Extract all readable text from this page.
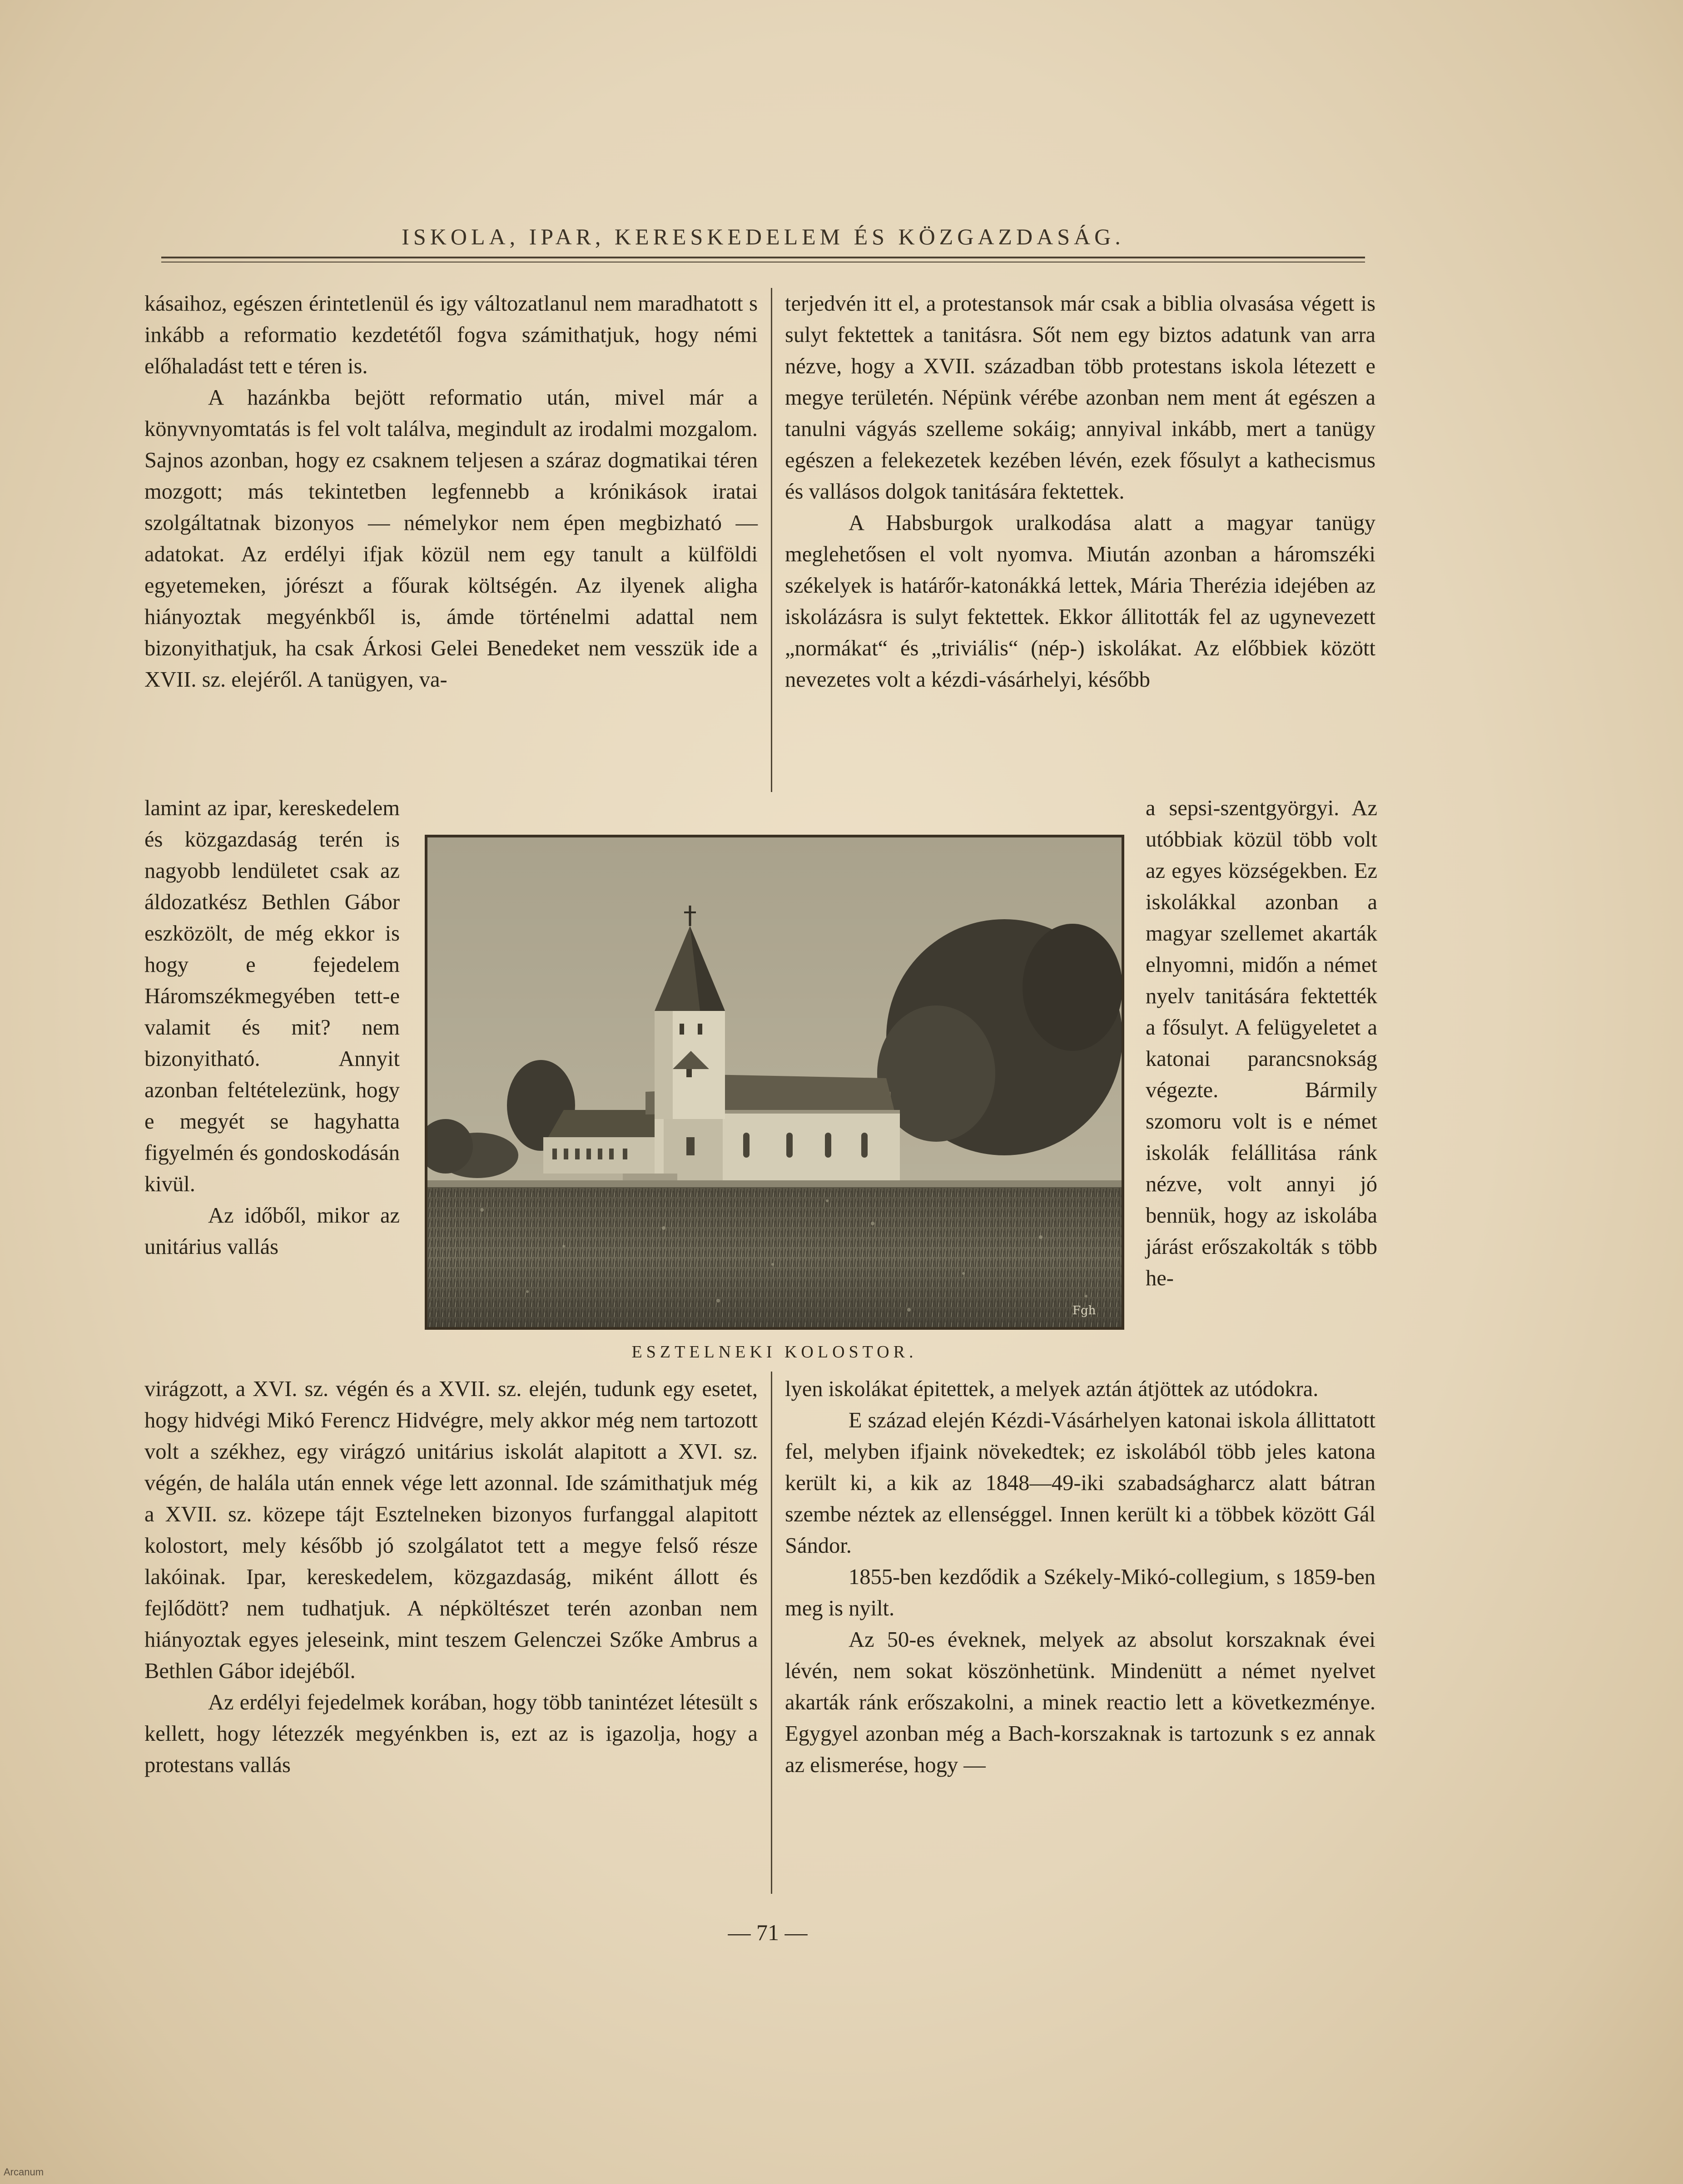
ISKOLA, IPAR, KERESKEDELEM ÉS KÖZGAZDASÁG.

kásaihoz, egészen érintetlenül és igy változatlanul nem maradhatott s inkább a reformatio kezdetétől fogva számithatjuk, hogy némi előhaladást tett e téren is.

A hazánkba bejött reformatio után, mivel már a könyvnyomtatás is fel volt találva, megindult az irodalmi mozgalom. Sajnos azonban, hogy ez csaknem teljesen a száraz dogmatikai téren mozgott; más tekintetben legfennebb a krónikások iratai szolgáltatnak bizonyos — némelykor nem épen megbizható — adatokat. Az erdélyi ifjak közül nem egy tanult a külföldi egyetemeken, jórészt a főurak költségén. Az ilyenek aligha hiányoztak megyénkből is, ámde történelmi adattal nem bizonyithatjuk, ha csak Árkosi Gelei Benedeket nem vesszük ide a XVII. sz. elejéről. A tanügyen, va-

lamint az ipar, kereskedelem és közgazdaság terén is nagyobb lendületet csak az áldozatkész Bethlen Gábor eszközölt, de még ekkor is hogy e fejedelem Háromszékmegyében tett-e valamit és mit? nem bizonyitható. Annyit azonban feltételezünk, hogy e megyét se hagyhatta figyelmén és gondoskodásán kivül.

Az időből, mikor az unitárius vallás

virágzott, a XVI. sz. végén és a XVII. sz. elején, tudunk egy esetet, hogy hidvégi Mikó Ferencz Hidvégre, mely akkor még nem tartozott volt a székhez, egy virágzó unitárius iskolát alapitott a XVI. sz. végén, de halála után ennek vége lett azonnal. Ide számithatjuk még a XVII. sz. közepe tájt Esztelneken bizonyos furfanggal alapitott kolostort, mely később jó szolgálatot tett a megye felső része lakóinak. Ipar, kereskedelem, közgazdaság, miként állott és fejlődött? nem tudhatjuk. A népköltészet terén azonban nem hiányoztak egyes jeleseink, mint teszem Gelenczei Szőke Ambrus a Bethlen Gábor idejéből.

Az erdélyi fejedelmek korában, hogy több tanintézet létesült s kellett, hogy létezzék megyénkben is, ezt az is igazolja, hogy a protestans vallás

terjedvén itt el, a protestansok már csak a biblia olvasása végett is sulyt fektettek a tanitásra. Sőt nem egy biztos adatunk van arra nézve, hogy a XVII. században több protestans iskola létezett e megye területén. Népünk vérébe azonban nem ment át egészen a tanulni vágyás szelleme sokáig; annyival inkább, mert a tanügy egészen a felekezetek kezében lévén, ezek fősulyt a kathecismus és vallásos dolgok tanitására fektettek.

A Habsburgok uralkodása alatt a magyar tanügy meglehetősen el volt nyomva. Miután azonban a háromszéki székelyek is határőr-katonákká lettek, Mária Therézia idejében az iskolázásra is sulyt fektettek. Ekkor állitották fel az ugynevezett „normákat“ és „triviális“ (nép-) iskolákat. Az előbbiek között nevezetes volt a kézdi-vásárhelyi, később

a sepsi-szentgyörgyi. Az utóbbiak közül több volt az egyes községekben. Ez iskolákkal azonban a magyar szellemet akarták elnyomni, midőn a német nyelv tanitására fektették a fősulyt. A felügyeletet a katonai parancsnokság végezte. Bármily szomoru volt is e német iskolák felállitása ránk nézve, volt annyi jó bennük, hogy az iskolába járást erőszakolták s több he-

lyen iskolákat épitettek, a melyek aztán átjöttek az utódokra.

E század elején Kézdi-Vásárhelyen katonai iskola állittatott fel, melyben ifjaink növekedtek; ez iskolából több jeles katona került ki, a kik az 1848—49-iki szabadságharcz alatt bátran szembe néztek az ellenséggel. Innen került ki a többek között Gál Sándor.

1855-ben kezdődik a Székely-Mikó-collegium, s 1859-ben meg is nyilt.

Az 50-es éveknek, melyek az absolut korszaknak évei lévén, nem sokat köszönhetünk. Mindenütt a német nyelvet akarták ránk erőszakolni, a minek reactio lett a következménye. Egygyel azonban még a Bach-korszaknak is tartozunk s ez annak az elismerése, hogy —

Fgh
ESZTELNEKI KOLOSTOR.
— 71 —
Arcanum
